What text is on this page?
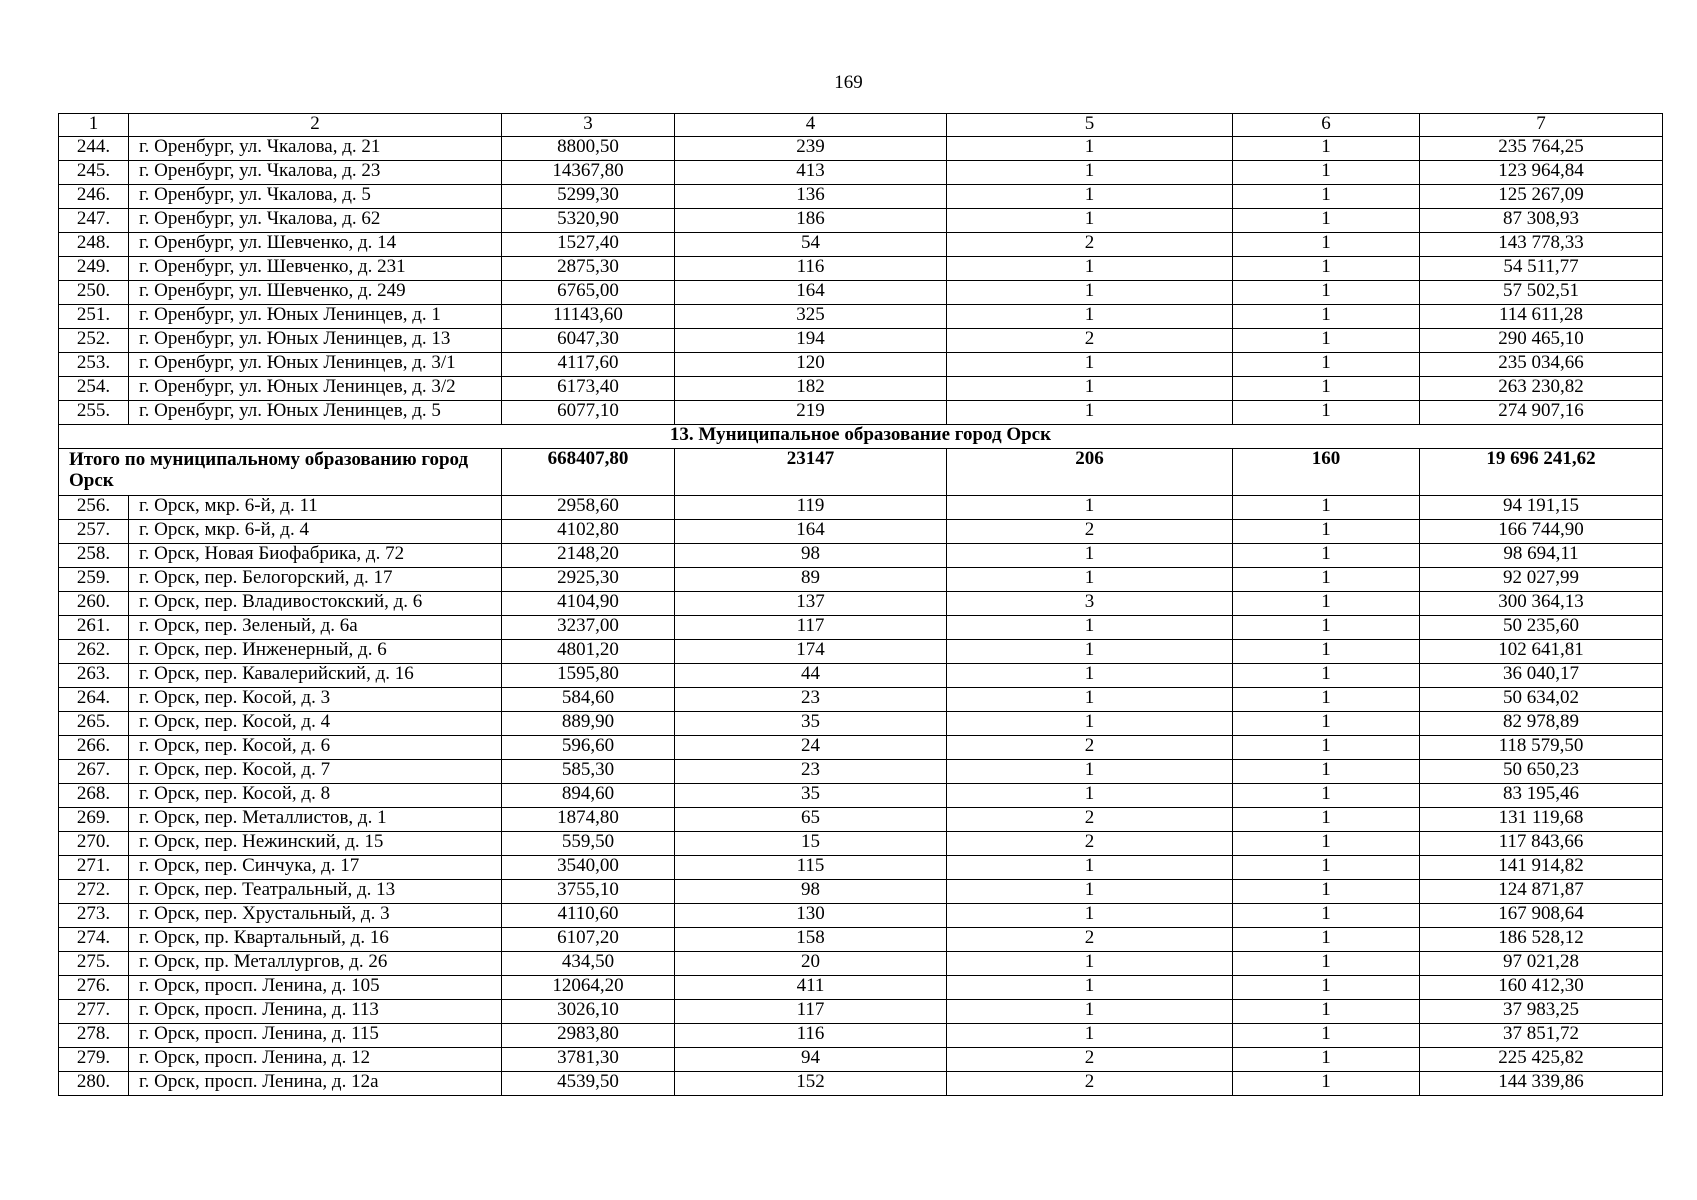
169
1	2	3	4	5	6	7
244.	г. Оренбург, ул. Чкалова, д. 21	8800,50	239	1	1	235 764,25
245.	г. Оренбург, ул. Чкалова, д. 23	14367,80	413	1	1	123 964,84
246.	г. Оренбург, ул. Чкалова, д. 5	5299,30	136	1	1	125 267,09
247.	г. Оренбург, ул. Чкалова, д. 62	5320,90	186	1	1	87 308,93
248.	г. Оренбург, ул. Шевченко, д. 14	1527,40	54	2	1	143 778,33
249.	г. Оренбург, ул. Шевченко, д. 231	2875,30	116	1	1	54 511,77
250.	г. Оренбург, ул. Шевченко, д. 249	6765,00	164	1	1	57 502,51
251.	г. Оренбург, ул. Юных Ленинцев, д. 1	11143,60	325	1	1	114 611,28
252.	г. Оренбург, ул. Юных Ленинцев, д. 13	6047,30	194	2	1	290 465,10
253.	г. Оренбург, ул. Юных Ленинцев, д. 3/1	4117,60	120	1	1	235 034,66
254.	г. Оренбург, ул. Юных Ленинцев, д. 3/2	6173,40	182	1	1	263 230,82
255.	г. Оренбург, ул. Юных Ленинцев, д. 5	6077,10	219	1	1	274 907,16
13. Муниципальное образование город Орск						
Итого по муниципальному образованию город Орск		668407,80	23147	206	160	19 696 241,62
256.	г. Орск, мкр. 6-й, д. 11	2958,60	119	1	1	94 191,15
257.	г. Орск, мкр. 6-й, д. 4	4102,80	164	2	1	166 744,90
258.	г. Орск, Новая Биофабрика, д. 72	2148,20	98	1	1	98 694,11
259.	г. Орск, пер. Белогорский, д. 17	2925,30	89	1	1	92 027,99
260.	г. Орск, пер. Владивостокский, д. 6	4104,90	137	3	1	300 364,13
261.	г. Орск, пер. Зеленый, д. 6а	3237,00	117	1	1	50 235,60
262.	г. Орск, пер. Инженерный, д. 6	4801,20	174	1	1	102 641,81
263.	г. Орск, пер. Кавалерийский, д. 16	1595,80	44	1	1	36 040,17
264.	г. Орск, пер. Косой, д. 3	584,60	23	1	1	50 634,02
265.	г. Орск, пер. Косой, д. 4	889,90	35	1	1	82 978,89
266.	г. Орск, пер. Косой, д. 6	596,60	24	2	1	118 579,50
267.	г. Орск, пер. Косой, д. 7	585,30	23	1	1	50 650,23
268.	г. Орск, пер. Косой, д. 8	894,60	35	1	1	83 195,46
269.	г. Орск, пер. Металлистов, д. 1	1874,80	65	2	1	131 119,68
270.	г. Орск, пер. Нежинский, д. 15	559,50	15	2	1	117 843,66
271.	г. Орск, пер. Синчука, д. 17	3540,00	115	1	1	141 914,82
272.	г. Орск, пер. Театральный, д. 13	3755,10	98	1	1	124 871,87
273.	г. Орск, пер. Хрустальный, д. 3	4110,60	130	1	1	167 908,64
274.	г. Орск, пр. Квартальный, д. 16	6107,20	158	2	1	186 528,12
275.	г. Орск, пр. Металлургов, д. 26	434,50	20	1	1	97 021,28
276.	г. Орск, просп. Ленина, д. 105	12064,20	411	1	1	160 412,30
277.	г. Орск, просп. Ленина, д. 113	3026,10	117	1	1	37 983,25
278.	г. Орск, просп. Ленина, д. 115	2983,80	116	1	1	37 851,72
279.	г. Орск, просп. Ленина, д. 12	3781,30	94	2	1	225 425,82
280.	г. Орск, просп. Ленина, д. 12а	4539,50	152	2	1	144 339,86
